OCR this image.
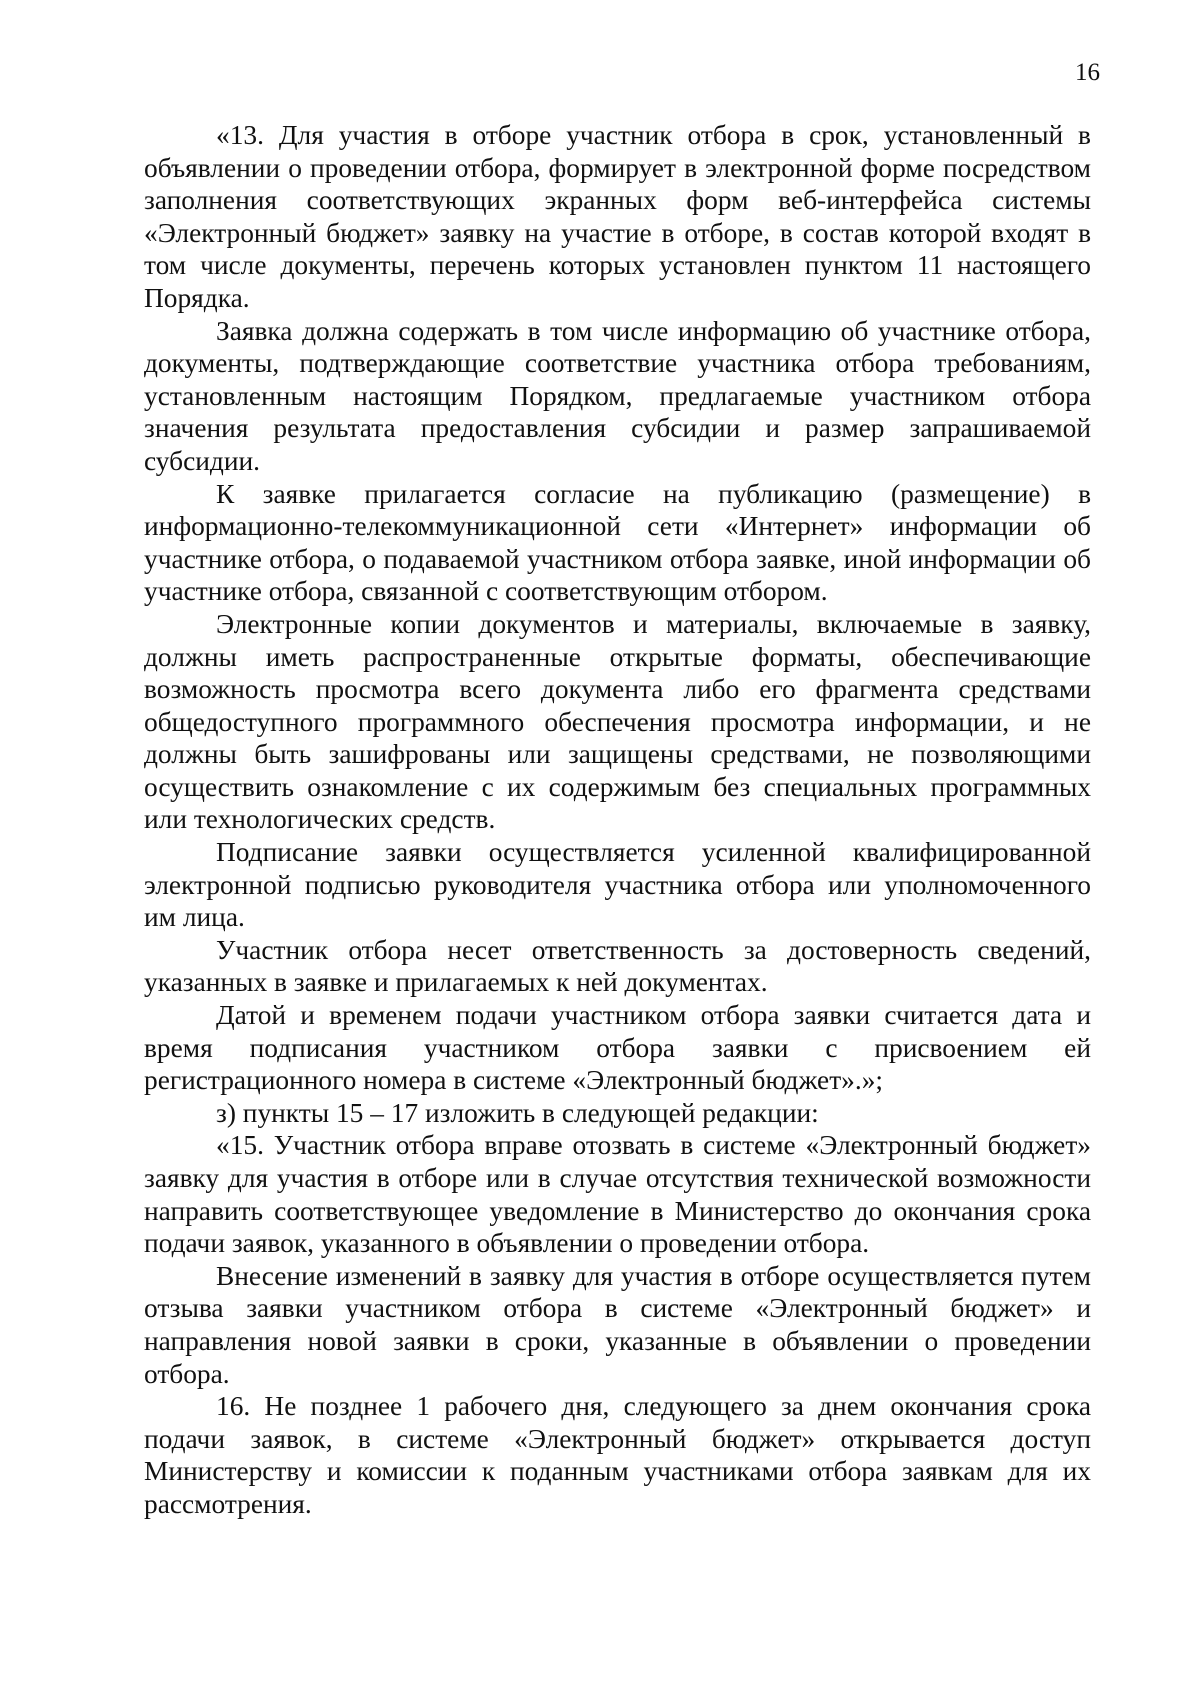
16

«13. Для участия в отборе участник отбора в срок, установленный в объявлении о проведении отбора, формирует в электронной форме посредством заполнения соответствующих экранных форм веб-интерфейса системы «Электронный бюджет» заявку на участие в отборе, в состав которой входят в том числе документы, перечень которых установлен пунктом 11 настоящего Порядка.

Заявка должна содержать в том числе информацию об участнике отбора, документы, подтверждающие соответствие участника отбора требованиям, установленным настоящим Порядком, предлагаемые участником отбора значения результата предоставления субсидии и размер запрашиваемой субсидии.

К заявке прилагается согласие на публикацию (размещение) в информационно-телекоммуникационной сети «Интернет» информации об участнике отбора, о подаваемой участником отбора заявке, иной информации об участнике отбора, связанной с соответствующим отбором.

Электронные копии документов и материалы, включаемые в заявку, должны иметь распространенные открытые форматы, обеспечивающие возможность просмотра всего документа либо его фрагмента средствами общедоступного программного обеспечения просмотра информации, и не должны быть зашифрованы или защищены средствами, не позволяющими осуществить ознакомление с их содержимым без специальных программных или технологических средств.

Подписание заявки осуществляется усиленной квалифицированной электронной подписью руководителя участника отбора или уполномоченного им лица.

Участник отбора несет ответственность за достоверность сведений, указанных в заявке и прилагаемых к ней документах.

Датой и временем подачи участником отбора заявки считается дата и время подписания участником отбора заявки с присвоением ей регистрационного номера в системе «Электронный бюджет».»;

з) пункты 15 – 17 изложить в следующей редакции:

«15. Участник отбора вправе отозвать в системе «Электронный бюджет» заявку для участия в отборе или в случае отсутствия технической возможности направить соответствующее уведомление в Министерство до окончания срока подачи заявок, указанного в объявлении о проведении отбора.

Внесение изменений в заявку для участия в отборе осуществляется путем отзыва заявки участником отбора в системе «Электронный бюджет» и направления новой заявки в сроки, указанные в объявлении о проведении отбора.

16. Не позднее 1 рабочего дня, следующего за днем окончания срока подачи заявок, в системе «Электронный бюджет» открывается доступ Министерству и комиссии к поданным участниками отбора заявкам для их рассмотрения.
